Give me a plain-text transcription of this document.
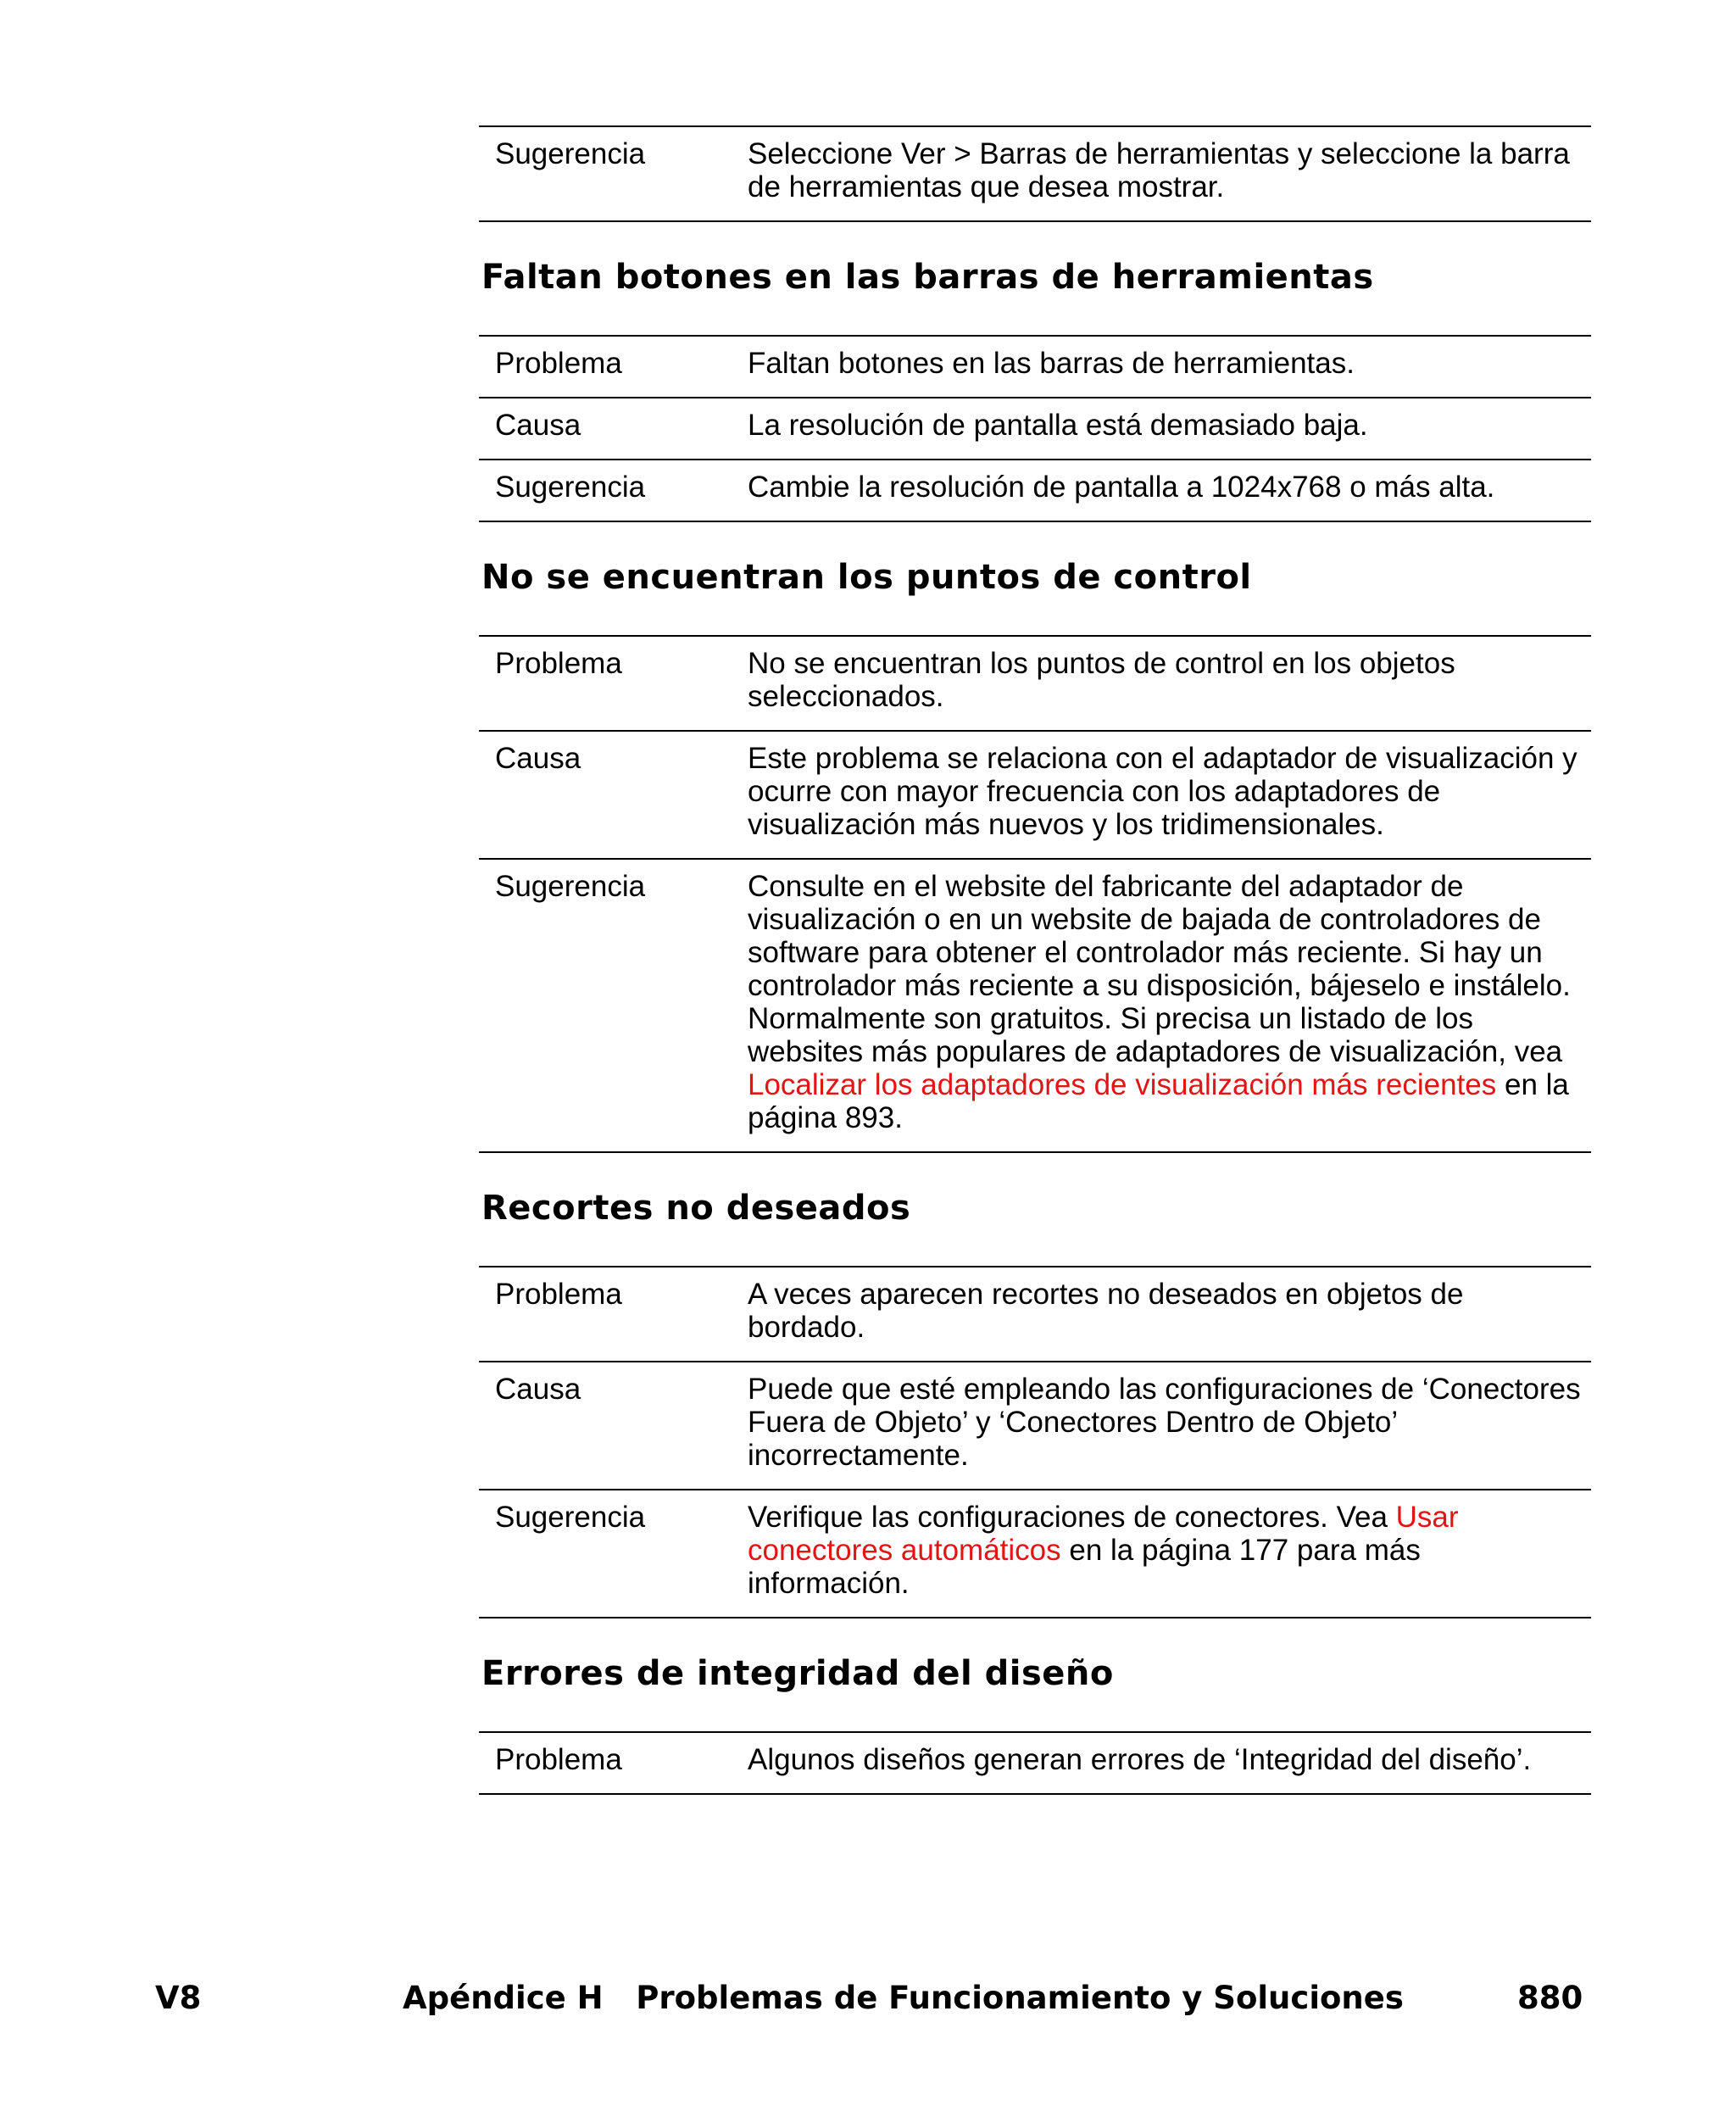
Sugerencia	Seleccione Ver > Barras de herramientas y seleccione la barra de herramientas que desea mostrar.
Faltan botones en las barras de herramientas
Problema	Faltan botones en las barras de herramientas.
Causa	La resolución de pantalla está demasiado baja.
Sugerencia	Cambie la resolución de pantalla a 1024x768 o más alta.
No se encuentran los puntos de control
Problema	No se encuentran los puntos de control en los objetos seleccionados.
Causa	Este problema se relaciona con el adaptador de visualización y ocurre con mayor frecuencia con los adaptadores de visualización más nuevos y los tridimensionales.
Sugerencia	Consulte en el website del fabricante del adaptador de visualización o en un website de bajada de controladores de software para obtener el controlador más reciente. Si hay un controlador más reciente a su disposición, bájeselo e instálelo. Normalmente son gratuitos. Si precisa un listado de los websites más populares de adaptadores de visualización, vea Localizar los adaptadores de visualización más recientes en la página 893.
Recortes no deseados
Problema	A veces aparecen recortes no deseados en objetos de bordado.
Causa	Puede que esté empleando las configuraciones de ‘Conectores Fuera de Objeto’ y ‘Conectores Dentro de Objeto’ incorrectamente.
Sugerencia	Verifique las configuraciones de conectores. Vea Usar conectores automáticos en la página 177 para más información.
Errores de integridad del diseño
Problema	Algunos diseños generan errores de ‘Integridad del diseño’.
V8	Apéndice H   Problemas de Funcionamiento y Soluciones	880
